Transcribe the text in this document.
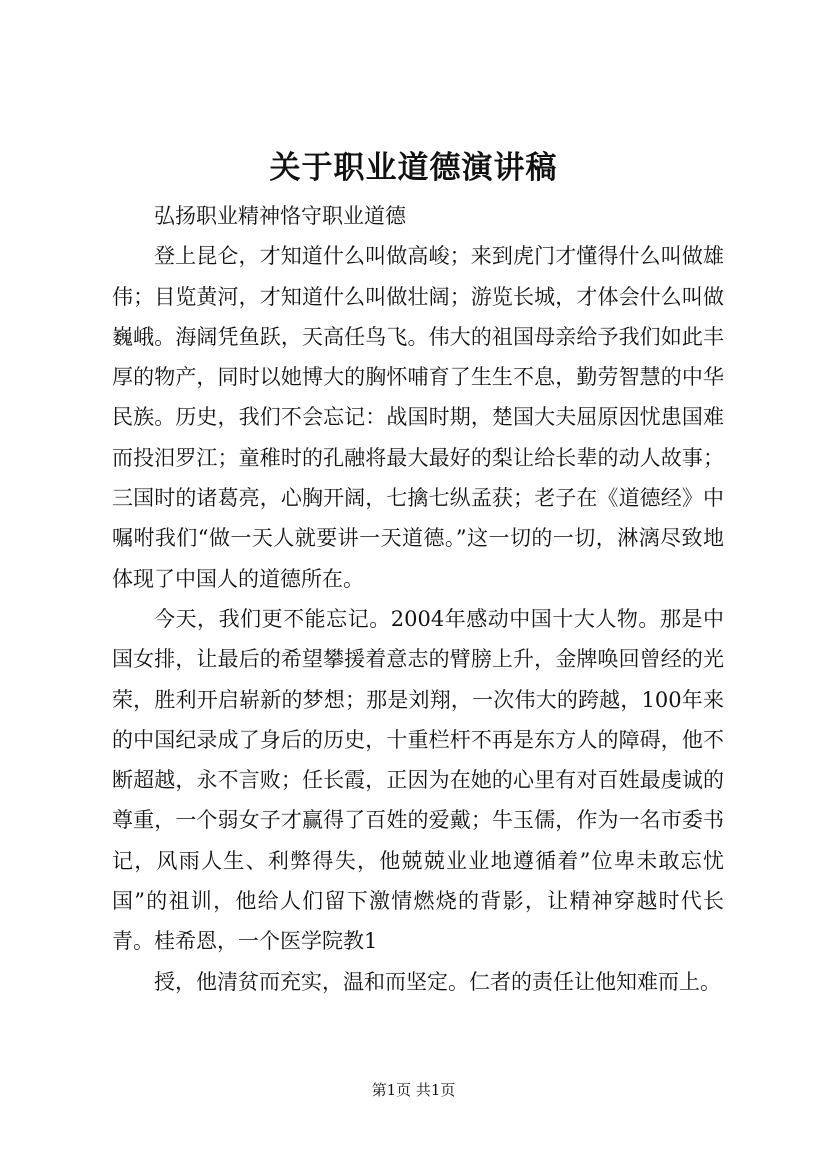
关于职业道德演讲稿

弘扬职业精神恪守职业道德

登上昆仑，才知道什么叫做高峻；来到虎门才懂得什么叫做雄伟；目览黄河，才知道什么叫做壮阔；游览长城，才体会什么叫做巍峨。海阔凭鱼跃，天高任鸟飞。伟大的祖国母亲给予我们如此丰厚的物产，同时以她博大的胸怀哺育了生生不息，勤劳智慧的中华民族。历史，我们不会忘记：战国时期，楚国大夫屈原因忧患国难而投汨罗江；童稚时的孔融将最大最好的梨让给长辈的动人故事；三国时的诸葛亮，心胸开阔，七擒七纵孟获；老子在《道德经》中嘱咐我们“做一天人就要讲一天道德。”这一切的一切，淋漓尽致地体现了中国人的道德所在。

今天，我们更不能忘记。2004年感动中国十大人物。那是中国女排，让最后的希望攀援着意志的臂膀上升，金牌唤回曾经的光荣，胜利开启崭新的梦想；那是刘翔，一次伟大的跨越，100年来的中国纪录成了身后的历史，十重栏杆不再是东方人的障碍，他不断超越，永不言败；任长霞，正因为在她的心里有对百姓最虔诚的尊重，一个弱女子才赢得了百姓的爱戴；牛玉儒，作为一名市委书记，风雨人生、利弊得失，他兢兢业业地遵循着”位卑未敢忘忧国”的祖训，他给人们留下激情燃烧的背影，让精神穿越时代长青。桂希恩，一个医学院教1

授，他清贫而充实，温和而坚定。仁者的责任让他知难而上。

第1页 共1页
